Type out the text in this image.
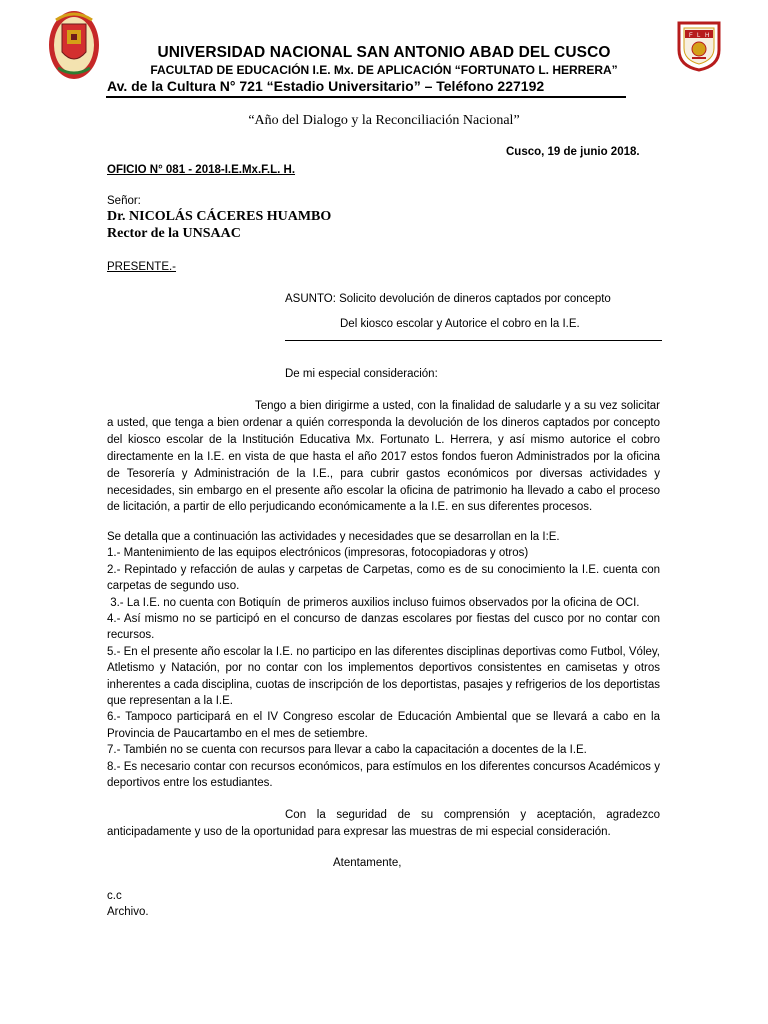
F L H
UNIVERSIDAD NACIONAL SAN ANTONIO ABAD DEL CUSCO
FACULTAD DE EDUCACIÓN I.E. Mx. DE APLICACIÓN “FORTUNATO L. HERRERA”
Av. de la Cultura N° 721 “Estadio Universitario” – Teléfono 227192
“Año del Dialogo y la Reconciliación Nacional”
Cusco, 19 de junio 2018.
OFICIO N° 081 - 2018-I.E.Mx.F.L. H.
Señor:
Dr. NICOLÁS CÁCERES HUAMBO
Rector de la UNSAAC
PRESENTE.-
ASUNTO: Solicito devolución de dineros captados por concepto
Del kiosco escolar y Autorice el cobro en la I.E.
De mi especial consideración:

Tengo a bien dirigirme a usted, con la finalidad de saludarle y a su vez solicitar a usted, que tenga a bien ordenar a quién corresponda la devolución de los dineros captados por concepto del kiosco escolar de la Institución Educativa Mx. Fortunato L. Herrera, y así mismo autorice el cobro directamente en la I.E. en vista de que hasta el año 2017 estos fondos fueron Administrados por la oficina de Tesorería y Administración de la I.E., para cubrir gastos económicos por diversas actividades y necesidades, sin embargo en el presente año escolar la oficina de patrimonio ha llevado a cabo el proceso de licitación, a partir de ello perjudicando económicamente a la I.E. en sus diferentes procesos.

Se detalla que a continuación las actividades y necesidades que se desarrollan en la I:E.

1.- Mantenimiento de las equipos electrónicos (impresoras, fotocopiadoras y otros)

2.- Repintado y refacción de aulas y carpetas de Carpetas, como es de su conocimiento la I.E. cuenta con carpetas de segundo uso.

3.- La I.E. no cuenta con Botiquín  de primeros auxilios incluso fuimos observados por la oficina de OCI.

4.- Así mismo no se participó en el concurso de danzas escolares por fiestas del cusco por no contar con recursos.

5.- En el presente año escolar la I.E. no participo en las diferentes disciplinas deportivas como Futbol, Vóley, Atletismo y Natación, por no contar con los implementos deportivos consistentes en camisetas y otros inherentes a cada disciplina, cuotas de inscripción de los deportistas, pasajes y refrigerios de los deportistas que representan a la I.E.

6.- Tampoco participará en el IV Congreso escolar de Educación Ambiental que se llevará a cabo en la Provincia de Paucartambo en el mes de setiembre.

7.- También no se cuenta con recursos para llevar a cabo la capacitación a docentes de la I.E.

8.- Es necesario contar con recursos económicos, para estímulos en los diferentes concursos Académicos y deportivos entre los estudiantes.

Con la seguridad de su comprensión y aceptación, agradezco anticipadamente y uso de la oportunidad para expresar las muestras de mi especial consideración.

Atentamente,
c.c
Archivo.
